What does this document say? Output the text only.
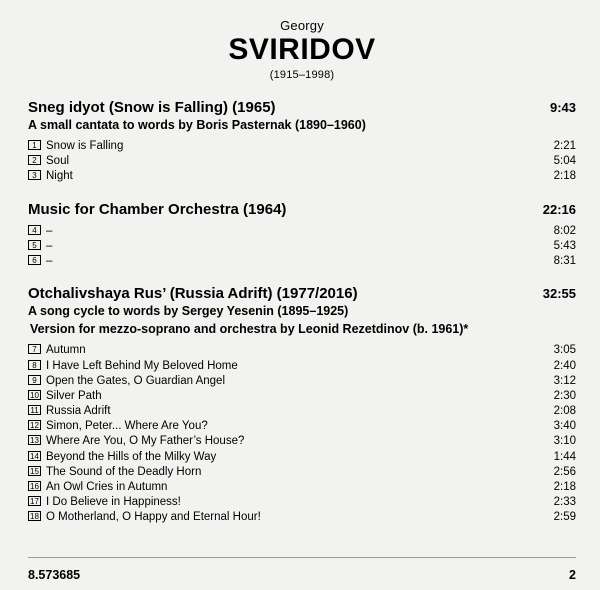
Georgy
SVIRIDOV
(1915–1998)
Sneg idyot (Snow is Falling) (1965)	9:43
A small cantata to words by Boris Pasternak (1890–1960)
1 Snow is Falling	2:21
2 Soul	5:04
3 Night	2:18
Music for Chamber Orchestra (1964)	22:16
4 –	8:02
5 –	5:43
6 –	8:31
Otchalivshaya Rus’ (Russia Adrift) (1977/2016)	32:55
A song cycle to words by Sergey Yesenin (1895–1925)
Version for mezzo-soprano and orchestra by Leonid Rezetdinov (b. 1961)*
7 Autumn	3:05
8 I Have Left Behind My Beloved Home	2:40
9 Open the Gates, O Guardian Angel	3:12
10 Silver Path	2:30
11 Russia Adrift	2:08
12 Simon, Peter... Where Are You?	3:40
13 Where Are You, O My Father’s House?	3:10
14 Beyond the Hills of the Milky Way	1:44
15 The Sound of the Deadly Horn	2:56
16 An Owl Cries in Autumn	2:18
17 I Do Believe in Happiness!	2:33
18 O Motherland, O Happy and Eternal Hour!	2:59
8.573685	2
